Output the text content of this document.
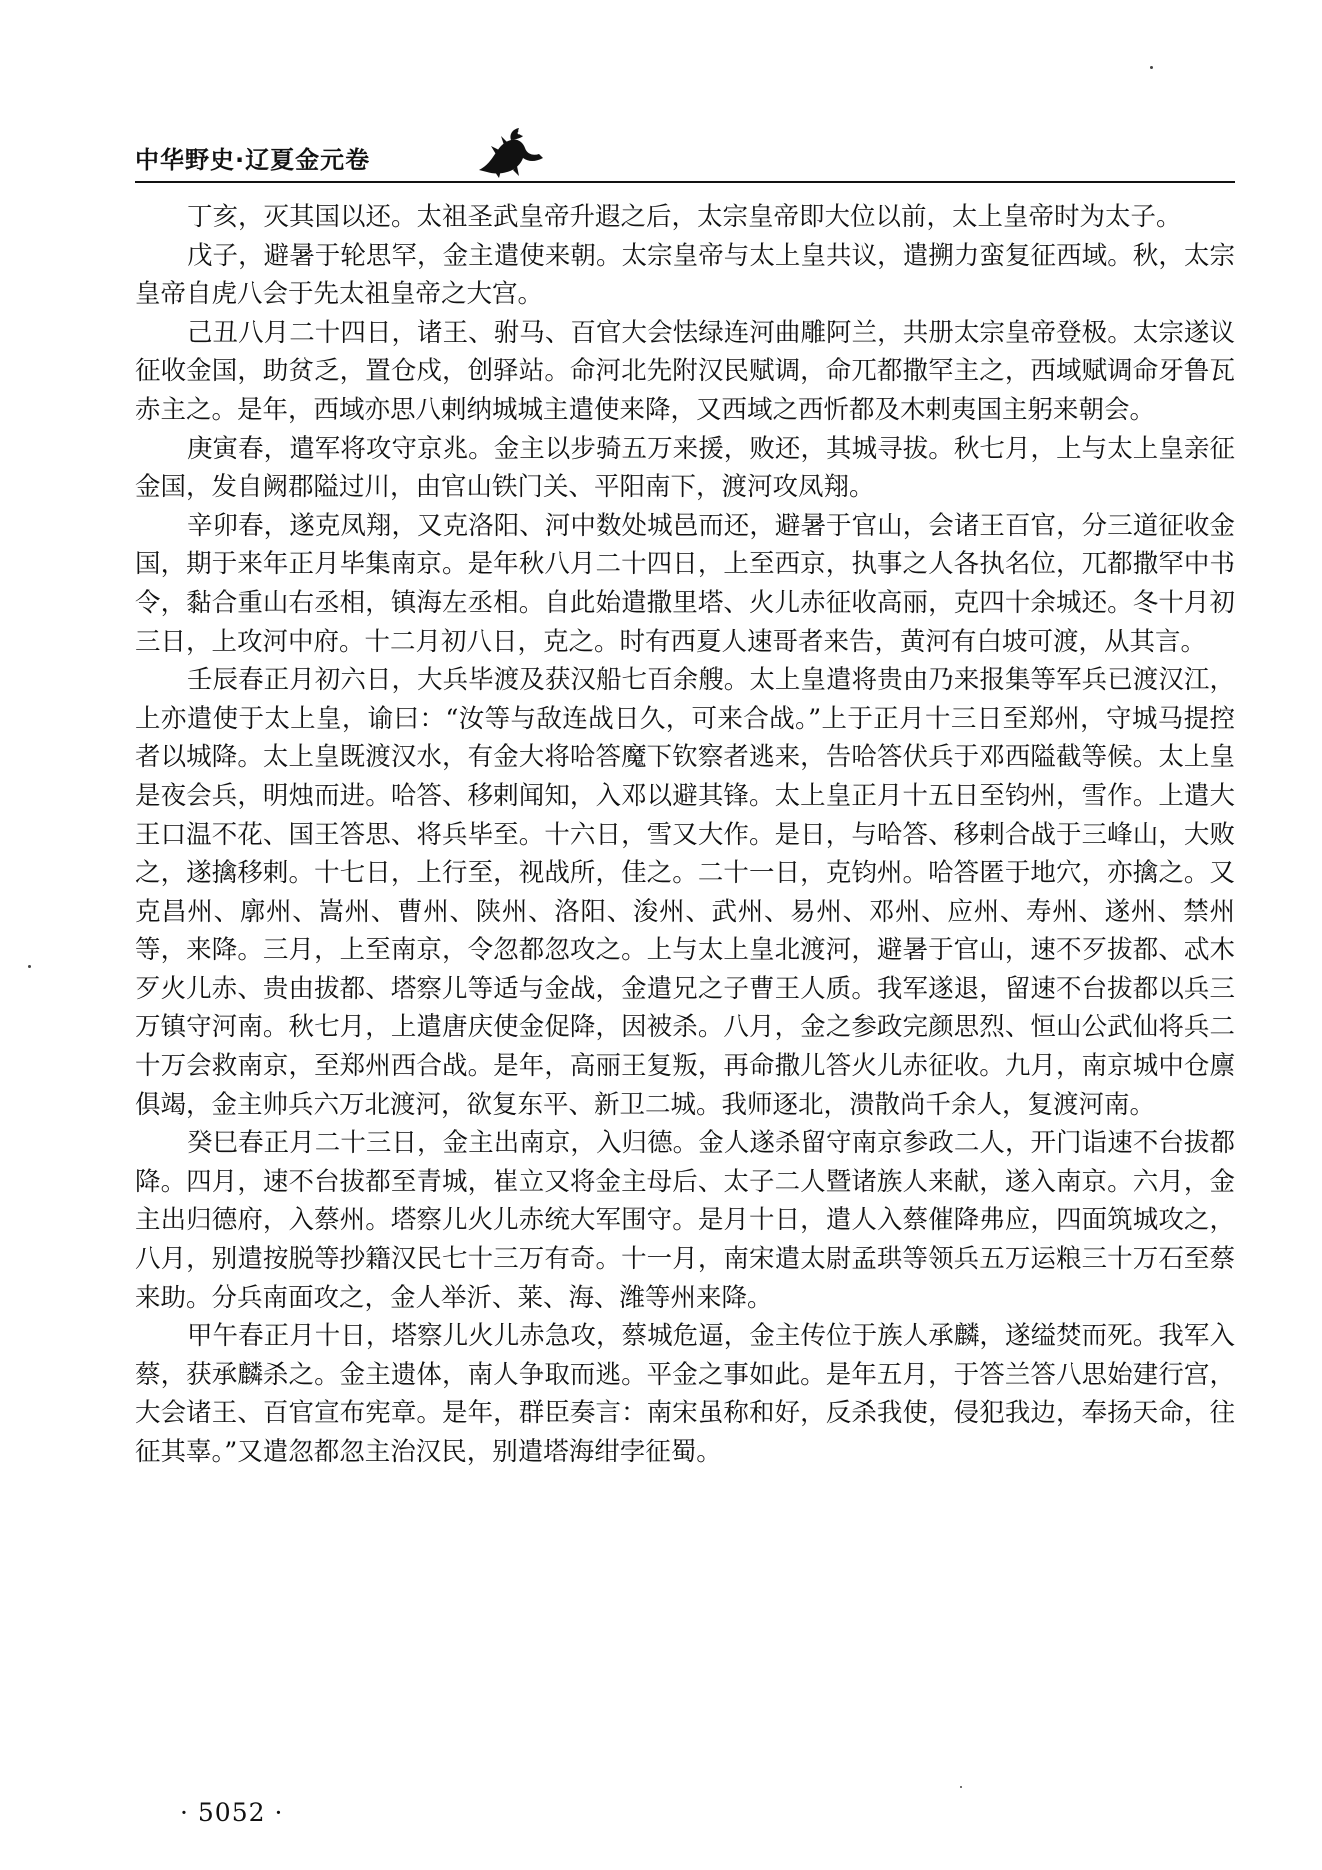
中华野史·辽夏金元卷

丁亥，灭其国以还。太祖圣武皇帝升遐之后，太宗皇帝即大位以前，太上皇帝时为太子。

戊子，避暑于轮思罕，金主遣使来朝。太宗皇帝与太上皇共议，遣搠力蛮复征西域。秋，太宗皇帝自虎八会于先太祖皇帝之大宫。

己丑八月二十四日，诸王、驸马、百官大会怯绿连河曲雕阿兰，共册太宗皇帝登极。太宗遂议征收金国，助贫乏，置仓戍，创驿站。命河北先附汉民赋调，命兀都撒罕主之，西域赋调命牙鲁瓦赤主之。是年，西域亦思八剌纳城城主遣使来降，又西域之西忻都及木剌夷国主躬来朝会。

庚寅春，遣军将攻守京兆。金主以步骑五万来援，败还，其城寻拔。秋七月，上与太上皇亲征金国，发自阙郡隘过川，由官山铁门关、平阳南下，渡河攻凤翔。

辛卯春，遂克凤翔，又克洛阳、河中数处城邑而还，避暑于官山，会诸王百官，分三道征收金国，期于来年正月毕集南京。是年秋八月二十四日，上至西京，执事之人各执名位，兀都撒罕中书令，黏合重山右丞相，镇海左丞相。自此始遣撒里塔、火儿赤征收高丽，克四十余城还。冬十月初三日，上攻河中府。十二月初八日，克之。时有西夏人速哥者来告，黄河有白坡可渡，从其言。

壬辰春正月初六日，大兵毕渡及获汉船七百余艘。太上皇遣将贵由乃来报集等军兵已渡汉江，上亦遣使于太上皇，谕曰：“汝等与敌连战日久，可来合战。”上于正月十三日至郑州，守城马提控者以城降。太上皇既渡汉水，有金大将哈答魔下钦察者逃来，告哈答伏兵于邓西隘截等候。太上皇是夜会兵，明烛而进。哈答、移剌闻知，入邓以避其锋。太上皇正月十五日至钧州，雪作。上遣大王口温不花、国王答思、将兵毕至。十六日，雪又大作。是日，与哈答、移剌合战于三峰山，大败之，遂擒移剌。十七日，上行至，视战所，佳之。二十一日，克钧州。哈答匿于地穴，亦擒之。又克昌州、廓州、嵩州、曹州、陕州、洛阳、浚州、武州、易州、邓州、应州、寿州、遂州、禁州等，来降。三月，上至南京，令忽都忽攻之。上与太上皇北渡河，避暑于官山，速不歹拔都、忒木歹火儿赤、贵由拔都、塔察儿等适与金战，金遣兄之子曹王人质。我军遂退，留速不台拔都以兵三万镇守河南。秋七月，上遣唐庆使金促降，因被杀。八月，金之参政完颜思烈、恒山公武仙将兵二十万会救南京，至郑州西合战。是年，高丽王复叛，再命撒儿答火儿赤征收。九月，南京城中仓廪俱竭，金主帅兵六万北渡河，欲复东平、新卫二城。我师逐北，溃散尚千余人，复渡河南。

癸巳春正月二十三日，金主出南京，入归德。金人遂杀留守南京参政二人，开门诣速不台拔都降。四月，速不台拔都至青城，崔立又将金主母后、太子二人暨诸族人来献，遂入南京。六月，金主出归德府，入蔡州。塔察儿火儿赤统大军围守。是月十日，遣人入蔡催降弗应，四面筑城攻之，八月，别遣按脱等抄籍汉民七十三万有奇。十一月，南宋遣太尉孟珙等领兵五万运粮三十万石至蔡来助。分兵南面攻之，金人举沂、莱、海、潍等州来降。

甲午春正月十日，塔察儿火儿赤急攻，蔡城危逼，金主传位于族人承麟，遂缢焚而死。我军入蔡，获承麟杀之。金主遗体，南人争取而逃。平金之事如此。是年五月，于答兰答八思始建行宫，大会诸王、百官宣布宪章。是年，群臣奏言：南宋虽称和好，反杀我使，侵犯我边，奉扬天命，往征其辜。”又遣忽都忽主治汉民，别遣塔海绀孛征蜀。

· 5052 ·
